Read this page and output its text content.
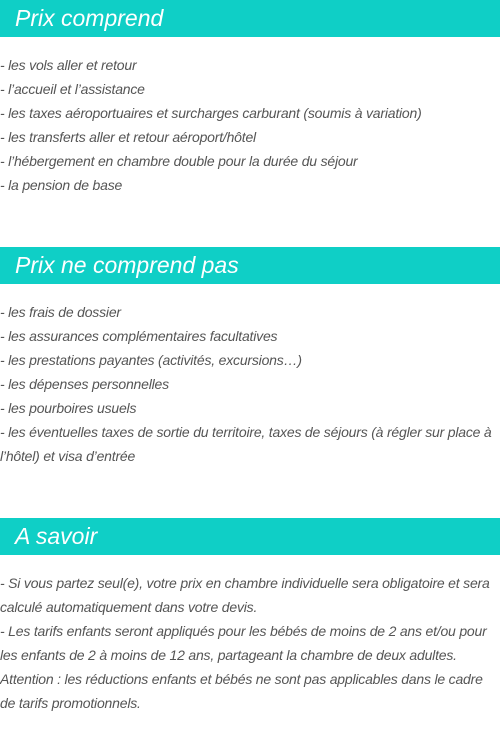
Prix comprend
- les vols aller et retour
- l’accueil et l’assistance
- les taxes aéroportuaires et surcharges carburant (soumis à variation)
- les transferts aller et retour aéroport/hôtel
- l’hébergement en chambre double pour la durée du séjour
- la pension de base
Prix ne comprend pas
- les frais de dossier
- les assurances complémentaires facultatives
- les prestations payantes (activités, excursions…)
- les dépenses personnelles
- les pourboires usuels
- les éventuelles taxes de sortie du territoire, taxes de séjours (à régler sur place à l’hôtel) et visa d’entrée
A savoir
- Si vous partez seul(e), votre prix en chambre individuelle sera obligatoire et sera calculé automatiquement dans votre devis.
- Les tarifs enfants seront appliqués pour les bébés de moins de 2 ans et/ou pour les enfants de 2 à moins de 12 ans, partageant la chambre de deux adultes.
Attention : les réductions enfants et bébés ne sont pas applicables dans le cadre de tarifs promotionnels.
